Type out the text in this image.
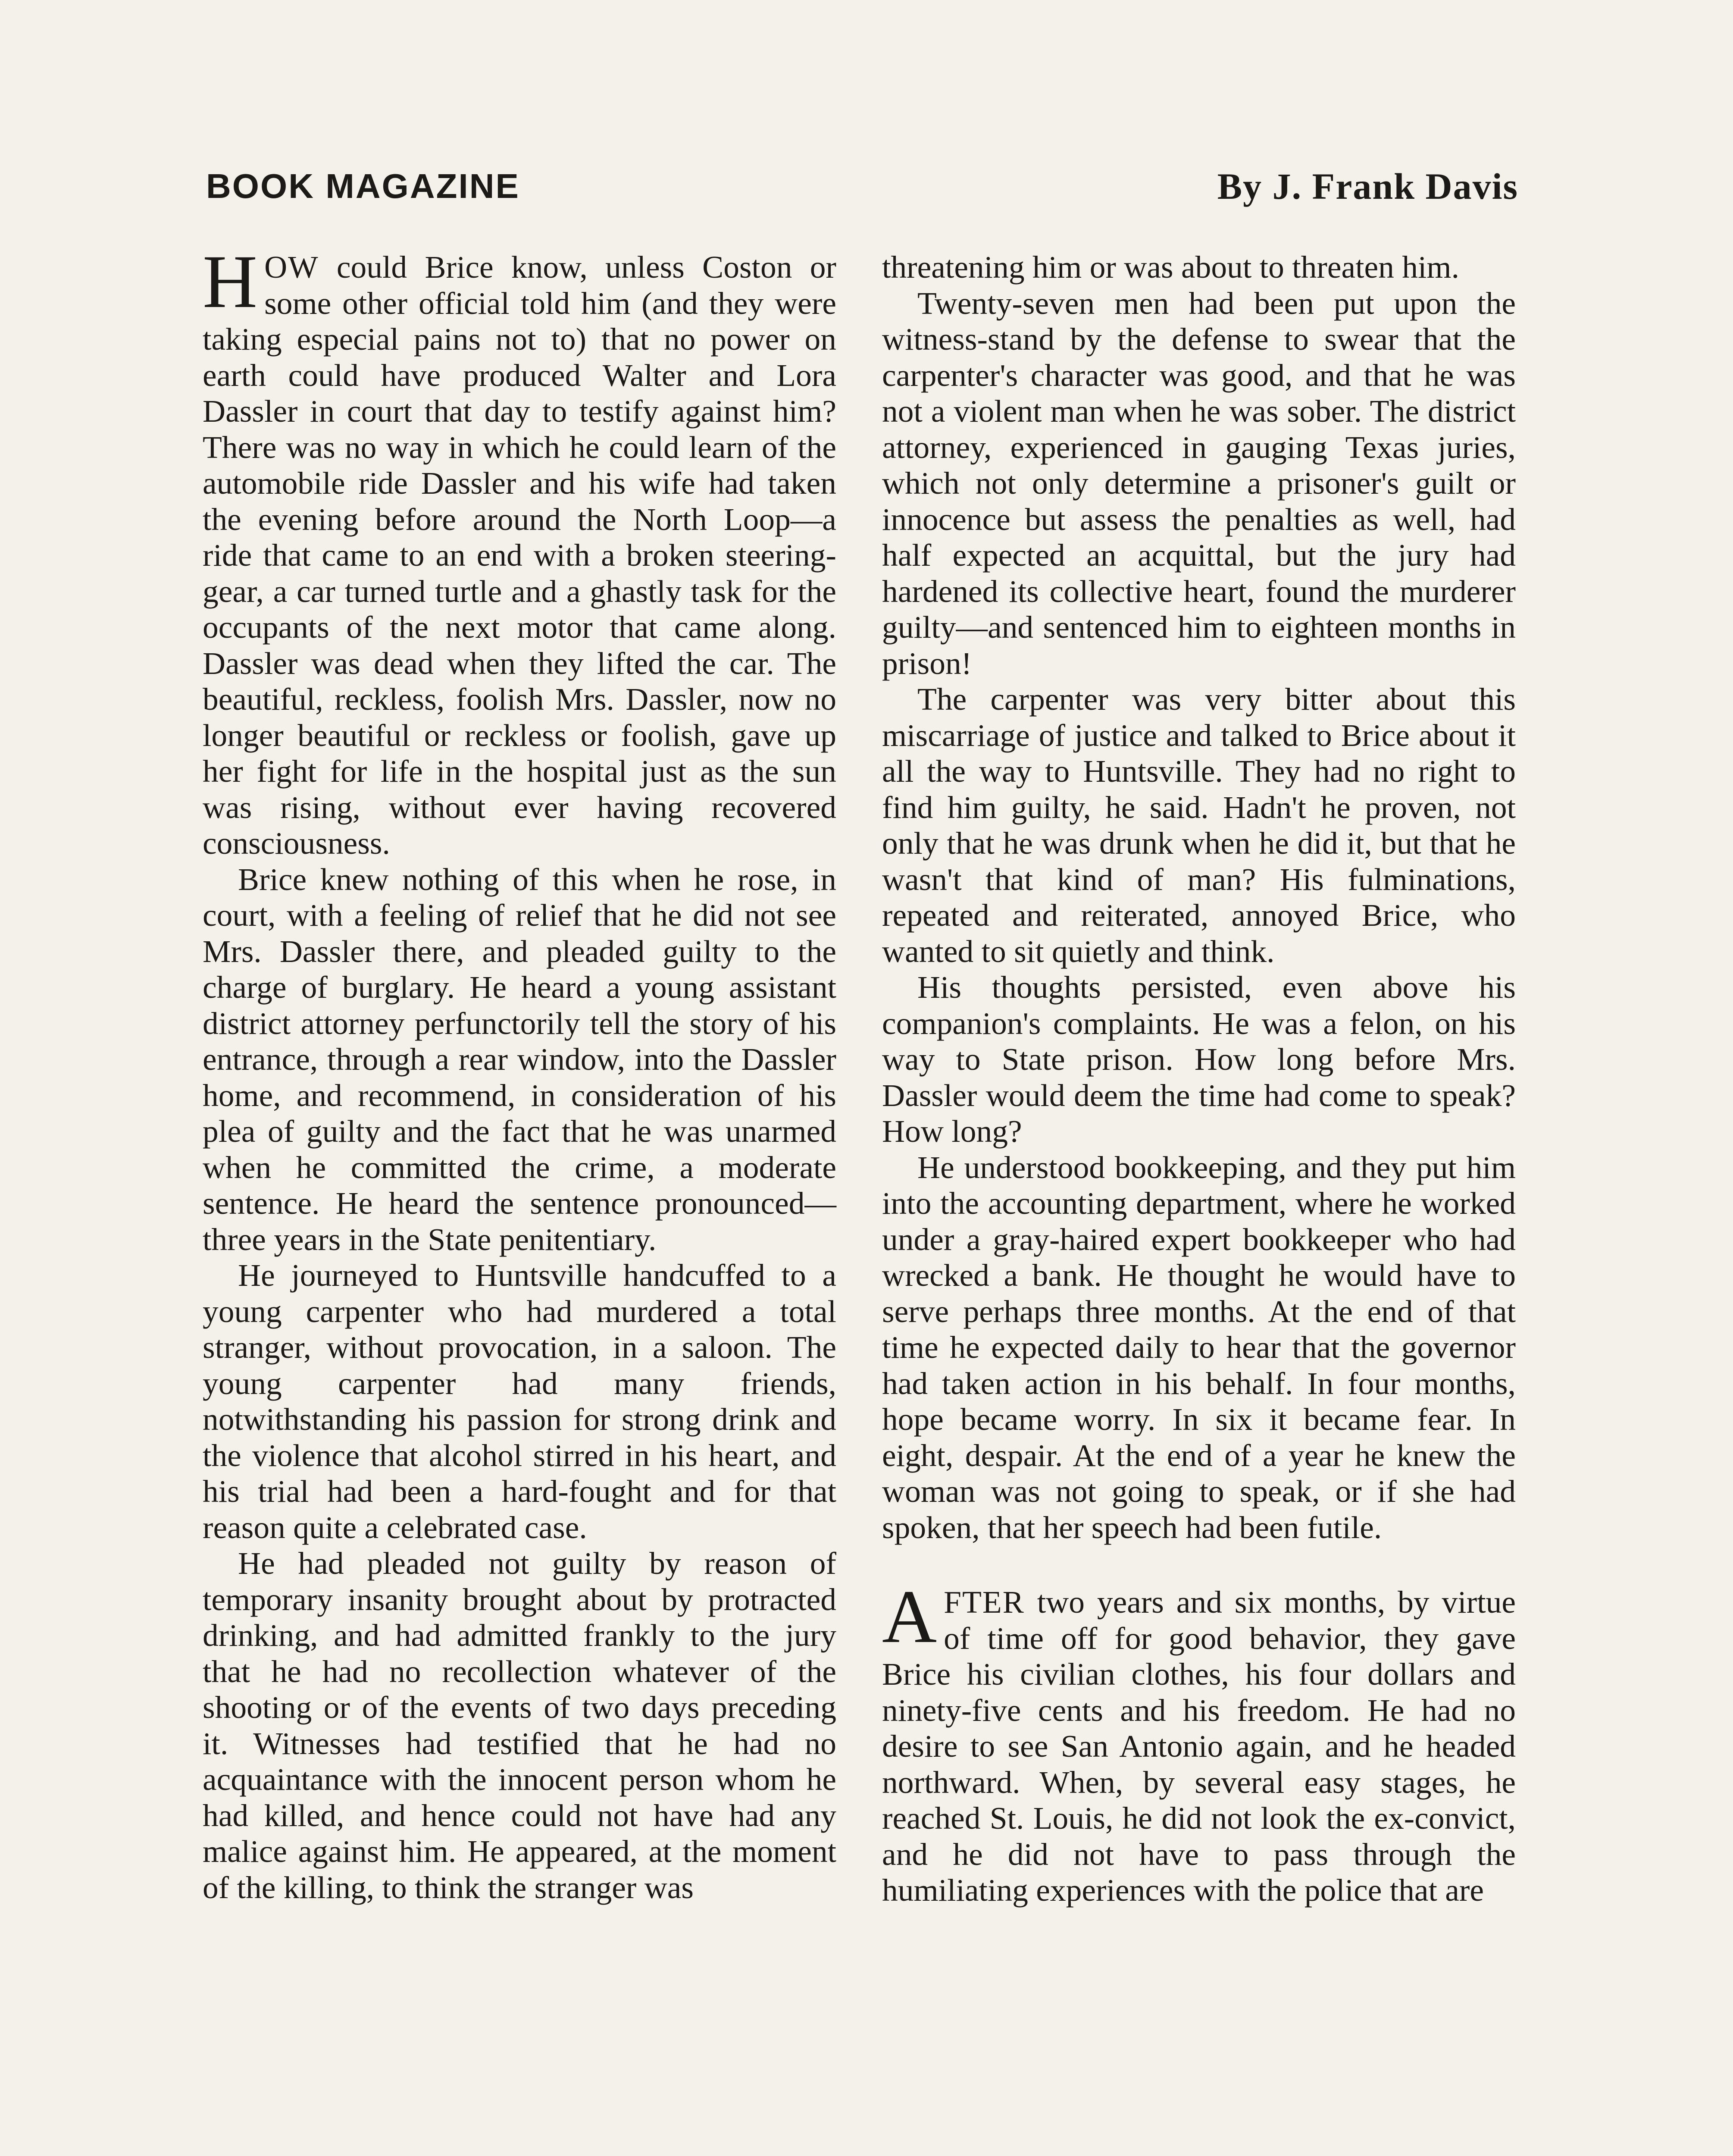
BOOK MAGAZINE	By J. Frank Davis

HOW could Brice know, unless Coston or some other official told him (and they were taking especial pains not to) that no power on earth could have produced Walter and Lora Dassler in court that day to testify against him? There was no way in which he could learn of the automobile ride Dassler and his wife had taken the evening before around the North Loop—a ride that came to an end with a broken steering-gear, a car turned turtle and a ghastly task for the occupants of the next motor that came along. Dassler was dead when they lifted the car. The beautiful, reckless, foolish Mrs. Dassler, now no longer beautiful or reckless or foolish, gave up her fight for life in the hospital just as the sun was rising, without ever having recovered consciousness.

Brice knew nothing of this when he rose, in court, with a feeling of relief that he did not see Mrs. Dassler there, and pleaded guilty to the charge of burglary. He heard a young assistant district attorney perfunctorily tell the story of his entrance, through a rear window, into the Dassler home, and recommend, in consideration of his plea of guilty and the fact that he was unarmed when he committed the crime, a moderate sentence. He heard the sentence pronounced—three years in the State penitentiary.

He journeyed to Huntsville handcuffed to a young carpenter who had murdered a total stranger, without provocation, in a saloon. The young carpenter had many friends, notwithstanding his passion for strong drink and the violence that alcohol stirred in his heart, and his trial had been a hard-fought and for that reason quite a celebrated case.

He had pleaded not guilty by reason of temporary insanity brought about by protracted drinking, and had admitted frankly to the jury that he had no recollection whatever of the shooting or of the events of two days preceding it. Witnesses had testified that he had no acquaintance with the innocent person whom he had killed, and hence could not have had any malice against him. He appeared, at the moment of the killing, to think the stranger was

threatening him or was about to threaten him.

Twenty-seven men had been put upon the witness-stand by the defense to swear that the carpenter's character was good, and that he was not a violent man when he was sober. The district attorney, experienced in gauging Texas juries, which not only determine a prisoner's guilt or innocence but assess the penalties as well, had half expected an acquittal, but the jury had hardened its collective heart, found the murderer guilty—and sentenced him to eighteen months in prison!

The carpenter was very bitter about this miscarriage of justice and talked to Brice about it all the way to Huntsville. They had no right to find him guilty, he said. Hadn't he proven, not only that he was drunk when he did it, but that he wasn't that kind of man? His fulminations, repeated and reiterated, annoyed Brice, who wanted to sit quietly and think.

His thoughts persisted, even above his companion's complaints. He was a felon, on his way to State prison. How long before Mrs. Dassler would deem the time had come to speak? How long?

He understood bookkeeping, and they put him into the accounting department, where he worked under a gray-haired expert bookkeeper who had wrecked a bank. He thought he would have to serve perhaps three months. At the end of that time he expected daily to hear that the governor had taken action in his behalf. In four months, hope became worry. In six it became fear. In eight, despair. At the end of a year he knew the woman was not going to speak, or if she had spoken, that her speech had been futile.

AFTER two years and six months, by virtue of time off for good behavior, they gave Brice his civilian clothes, his four dollars and ninety-five cents and his freedom. He had no desire to see San Antonio again, and he headed northward. When, by several easy stages, he reached St. Louis, he did not look the ex-convict, and he did not have to pass through the humiliating experiences with the police that are
